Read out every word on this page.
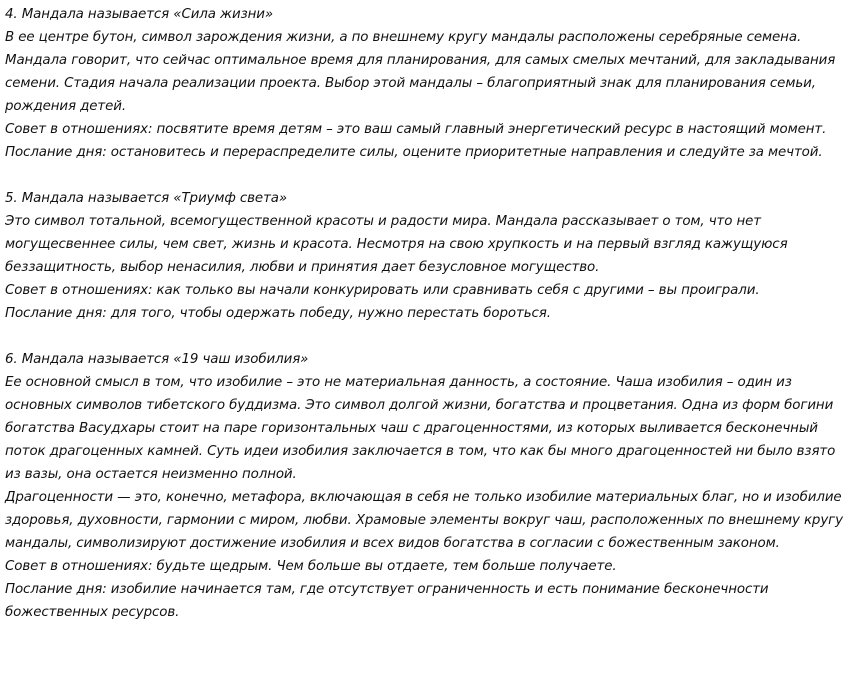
4. Мандала называется «Сила жизни»

В ее центре бутон, символ зарождения жизни, а по внешнему кругу мандалы расположены серебряные семена. Мандала говорит, что сейчас оптимальное время для планирования, для самых смелых мечтаний, для закладывания семени. Стадия начала реализации проекта. Выбор этой мандалы – благоприятный знак для планирования семьи, рождения детей.

Совет в отношениях: посвятите время детям – это ваш самый главный энергетический ресурс в настоящий момент.

Послание дня: остановитесь и перераспределите силы, оцените приоритетные направления и следуйте за мечтой.

5. Мандала называется «Триумф света»

Это символ тотальной, всемогущественной красоты и радости мира. Мандала рассказывает о том, что нет могущесвеннее силы, чем свет, жизнь и красота. Несмотря на свою хрупкость и на первый взгляд кажущуюся беззащитность, выбор ненасилия, любви и принятия дает безусловное могущество.

Совет в отношениях: как только вы начали конкурировать или сравнивать себя с другими – вы проиграли.

Послание дня: для того, чтобы одержать победу, нужно перестать бороться.

6. Мандала называется «19 чаш изобилия»

Ее основной смысл в том, что изобилие – это не материальная данность, а состояние. Чаша изобилия – один из основных символов тибетского буддизма. Это символ долгой жизни, богатства и процветания. Одна из форм богини богатства Васудхары стоит на паре горизонтальных чаш с драгоценностями, из которых выливается бесконечный поток драгоценных камней. Суть идеи изобилия заключается в том, что как бы много драгоценностей ни было взято из вазы, она остается неизменно полной.

Драгоценности — это, конечно, метафора, включающая в себя не только изобилие материальных благ, но и изобилие здоровья, духовности, гармонии с миром, любви. Храмовые элементы вокруг чаш, расположенных по внешнему кругу мандалы, символизируют достижение изобилия и всех видов богатства в согласии с божественным законом.

Совет в отношениях: будьте щедрым. Чем больше вы отдаете, тем больше получаете.

Послание дня: изобилие начинается там, где отсутствует ограниченность и есть понимание бесконечности божественных ресурсов.
